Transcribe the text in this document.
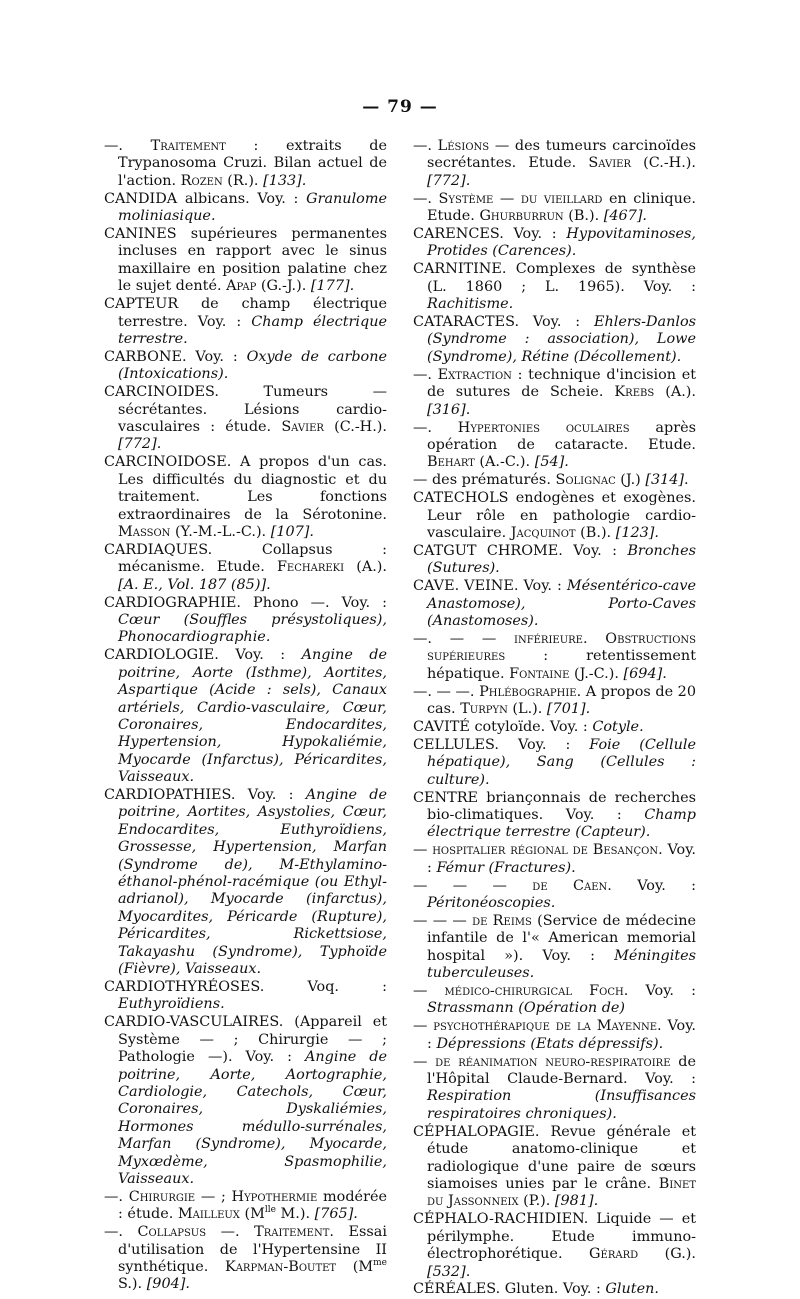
— 79 —

—. Traitement : extraits de Trypanosoma Cruzi. Bilan actuel de l'action. Rozen (R.). [133].

CANDIDA albicans. Voy. : Granulome moliniasique.

CANINES supérieures permanentes incluses en rapport avec le sinus maxillaire en position palatine chez le sujet denté. Apap (G.-J.). [177].

CAPTEUR de champ électrique terrestre. Voy. : Champ électrique terrestre.

CARBONE. Voy. : Oxyde de carbone (Intoxications).

CARCINOIDES. Tumeurs — sécrétantes. Lésions cardio-vasculaires : étude. Savier (C.-H.). [772].

CARCINOIDOSE. A propos d'un cas. Les difficultés du diagnostic et du traitement. Les fonctions extraordinaires de la Sérotonine. Masson (Y.-M.-L.-C.). [107].

CARDIAQUES. Collapsus : mécanisme. Etude. Fechareki (A.). [A. E., Vol. 187 (85)].

CARDIOGRAPHIE. Phono —. Voy. : Cœur (Souffles présystoliques), Phonocardiographie.

CARDIOLOGIE. Voy. : Angine de poitrine, Aorte (Isthme), Aortites, Aspartique (Acide : sels), Canaux artériels, Cardio-vasculaire, Cœur, Coronaires, Endocardites, Hypertension, Hypokaliémie, Myocarde (Infarctus), Péricardites, Vaisseaux.

CARDIOPATHIES. Voy. : Angine de poitrine, Aortites, Asystolies, Cœur, Endocardites, Euthyroïdiens, Grossesse, Hypertension, Marfan (Syndrome de), M-Ethylamino-éthanol-phénol-racémique (ou Ethyl-adrianol), Myocarde (infarctus), Myocardites, Péricarde (Rupture), Péricardites, Rickettsiose, Takayashu (Syndrome), Typhoïde (Fièvre), Vaisseaux.

CARDIOTHYRÉOSES. Voq. : Euthyroïdiens.

CARDIO-VASCULAIRES. (Appareil et Système — ; Chirurgie — ; Pathologie —). Voy. : Angine de poitrine, Aorte, Aortographie, Cardiologie, Catechols, Cœur, Coronaires, Dyskaliémies, Hormones médullo-surrénales, Marfan (Syndrome), Myocarde, Myxœdème, Spasmophilie, Vaisseaux.

—. Chirurgie — ; Hypothermie modérée : étude. Mailleux ($M^{lle}$ M.). [765].

—. Collapsus —. Traitement. Essai d'utilisation de l'Hypertensine II synthétique. Karpman-Boutet ($M^{me}$ S.). [904].

—. Lésions — des tumeurs carcinoïdes secrétantes. Etude. Savier (C.-H.). [772].

—. Système — du vieillard en clinique. Etude. Ghurburrun (B.). [467].

CARENCES. Voy. : Hypovitaminoses, Protides (Carences).

CARNITINE. Complexes de synthèse (L. 1860 ; L. 1965). Voy. : Rachitisme.

CATARACTES. Voy. : Ehlers-Danlos (Syndrome : association), Lowe (Syndrome), Rétine (Décollement).

—. Extraction : technique d'incision et de sutures de Scheie. Krebs (A.). [316].

—. Hypertonies oculaires après opération de cataracte. Etude. Behart (A.-C.). [54].

— des prématurés. Solignac (J.) [314].

CATECHOLS endogènes et exogènes. Leur rôle en pathologie cardio-vasculaire. Jacquinot (B.). [123].

CATGUT CHROME. Voy. : Bronches (Sutures).

CAVE. VEINE. Voy. : Mésentérico-cave Anastomose), Porto-Caves (Anastomoses).

—. — — inférieure. Obstructions supérieures : retentissement hépatique. Fontaine (J.-C.). [694].

—. — —. Phlébographie. A propos de 20 cas. Turpyn (L.). [701].

CAVITÉ cotyloïde. Voy. : Cotyle.

CELLULES. Voy. : Foie (Cellule hépatique), Sang (Cellules : culture).

CENTRE briançonnais de recherches bio-climatiques. Voy. : Champ électrique terrestre (Capteur).

— hospitalier régional de Besançon. Voy. : Fémur (Fractures).

— — — de Caen. Voy. : Péritonéoscopies.

— — — de Reims (Service de médecine infantile de l'« American memorial hospital »). Voy. : Méningites tuberculeuses.

— médico-chirurgical Foch. Voy. : Strassmann (Opération de)

— psychothérapique de la Mayenne. Voy. : Dépressions (Etats dépressifs).

— de réanimation neuro-respiratoire de l'Hôpital Claude-Bernard. Voy. : Respiration (Insuffisances respiratoires chroniques).

CÉPHALOPAGIE. Revue générale et étude anatomo-clinique et radiologique d'une paire de sœurs siamoises unies par le crâne. Binet du Jassonneix (P.). [981].

CÉPHALO-RACHIDIEN. Liquide — et périlymphe. Etude immuno-électrophorétique. Gérard (G.). [532].

CÉRÉALES. Gluten. Voy. : Gluten.
